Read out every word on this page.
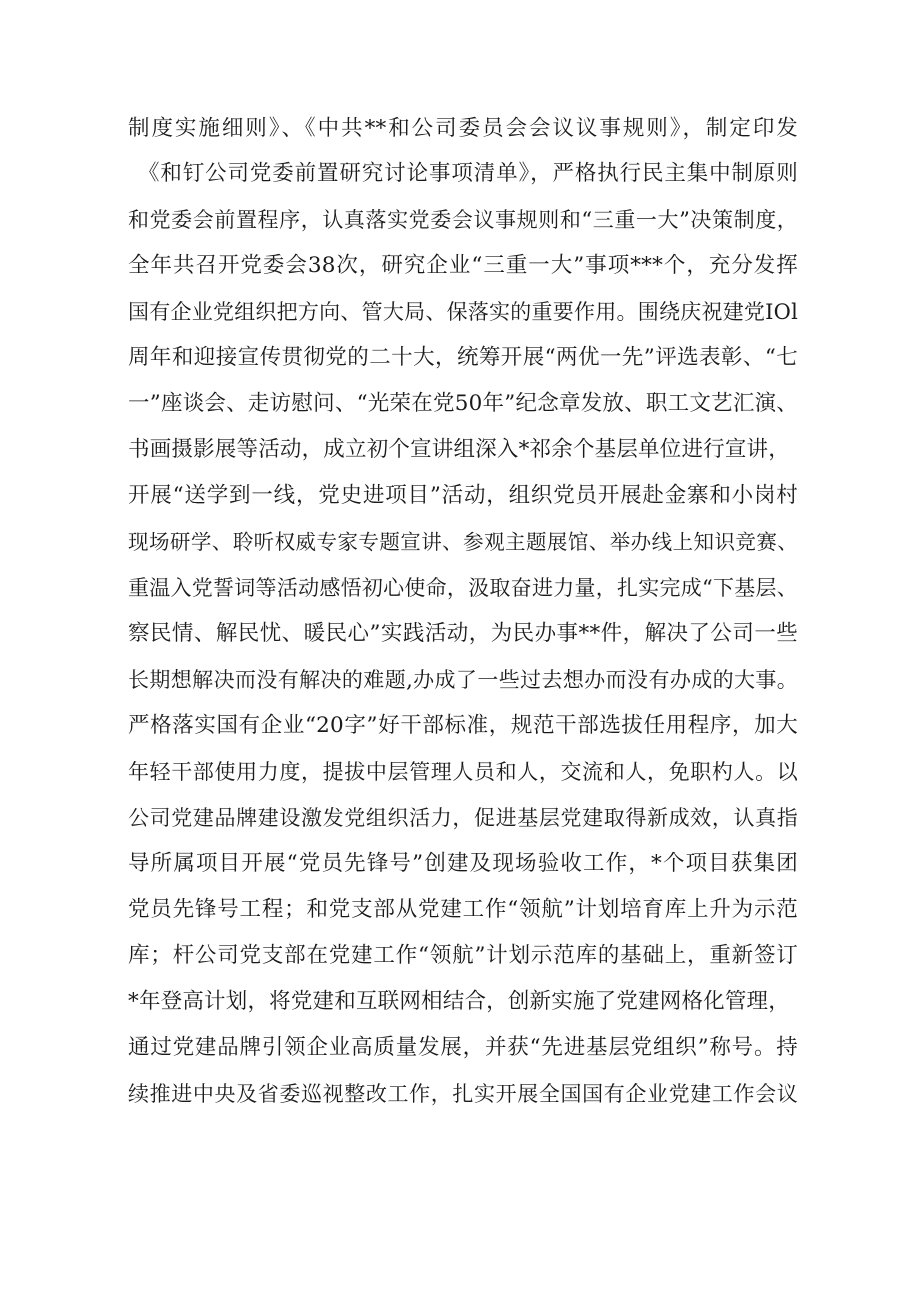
制度实施细则》、《中共**和公司委员会会议议事规则》，制定印发
《和钉公司党委前置研究讨论事项清单》，严格执行民主集中制原则
和党委会前置程序，认真落实党委会议事规则和“三重一大”决策制度，
全年共召开党委会38次，研究企业“三重一大”事项***个，充分发挥
国有企业党组织把方向、管大局、保落实的重要作用。围绕庆祝建党IOl
周年和迎接宣传贯彻党的二十大，统筹开展“两优一先”评选表彰、“七
一”座谈会、走访慰问、“光荣在党50年”纪念章发放、职工文艺汇演、
书画摄影展等活动，成立初个宣讲组深入*祁余个基层单位进行宣讲，
开展“送学到一线，党史进项目”活动，组织党员开展赴金寨和小岗村
现场研学、聆听权威专家专题宣讲、参观主题展馆、举办线上知识竞赛、
重温入党誓词等活动感悟初心使命，汲取奋进力量，扎实完成“下基层、
察民情、解民忧、暖民心”实践活动，为民办事**件，解决了公司一些
长期想解决而没有解决的难题,办成了一些过去想办而没有办成的大事。
严格落实国有企业“20字”好干部标准，规范干部选拔任用程序，加大
年轻干部使用力度，提拔中层管理人员和人，交流和人，免职杓人。以
公司党建品牌建设激发党组织活力，促进基层党建取得新成效，认真指
导所属项目开展“党员先锋号”创建及现场验收工作，*个项目获集团
党员先锋号工程；和党支部从党建工作“领航”计划培育库上升为示范
库；杆公司党支部在党建工作“领航”计划示范库的基础上，重新签订
*年登高计划，将党建和互联网相结合，创新实施了党建网格化管理，
通过党建品牌引领企业高质量发展，并获“先进基层党组织”称号。持
续推进中央及省委巡视整改工作，扎实开展全国国有企业党建工作会议
